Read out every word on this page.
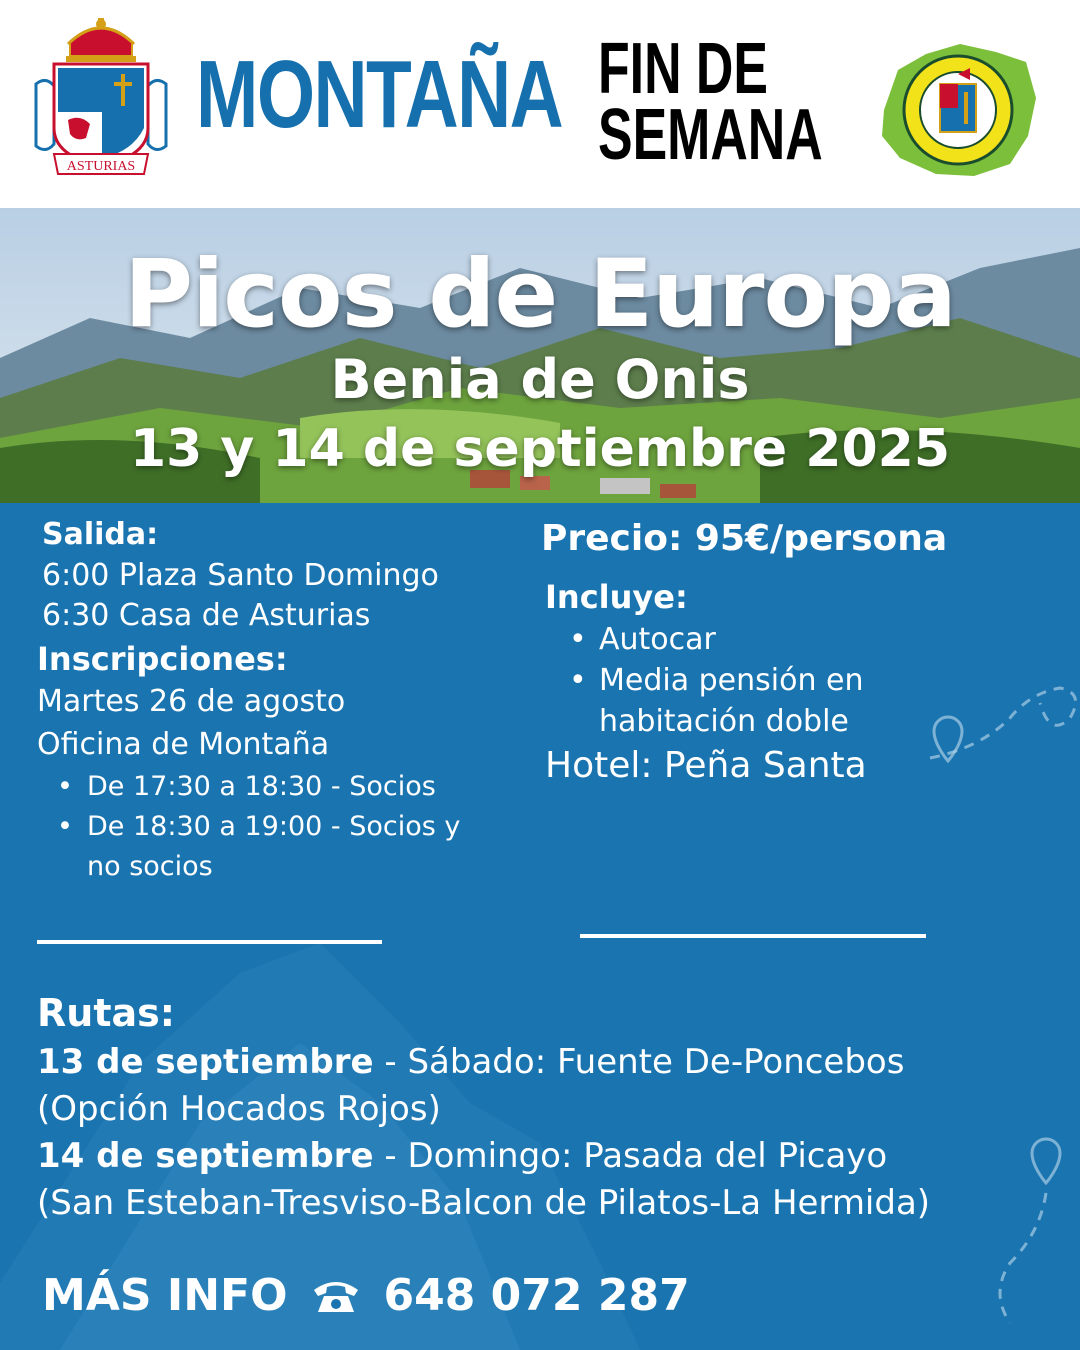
ASTURIAS
MONTAÑA FIN DE
SEMANA
Picos de Europa
Benia de Onis
13 y 14 de septiembre 2025
Salida:
6:00 Plaza Santo Domingo
6:30 Casa de Asturias
Inscripciones:
Martes 26 de agosto
Oficina de Montaña
• De 17:30 a 18:30 - Socios
• De 18:30 a 19:00 - Socios y
no socios
Precio: 95€/persona
Incluye:
• Autocar
• Media pensión en
habitación doble
Hotel: Peña Santa
Rutas:
13 de septiembre - Sábado: Fuente De-Poncebos
(Opción Hocados Rojos)
14 de septiembre - Domingo: Pasada del Picayo
(San Esteban-Tresviso-Balcon de Pilatos-La Hermida)
MÁS INFO 648 072 287
